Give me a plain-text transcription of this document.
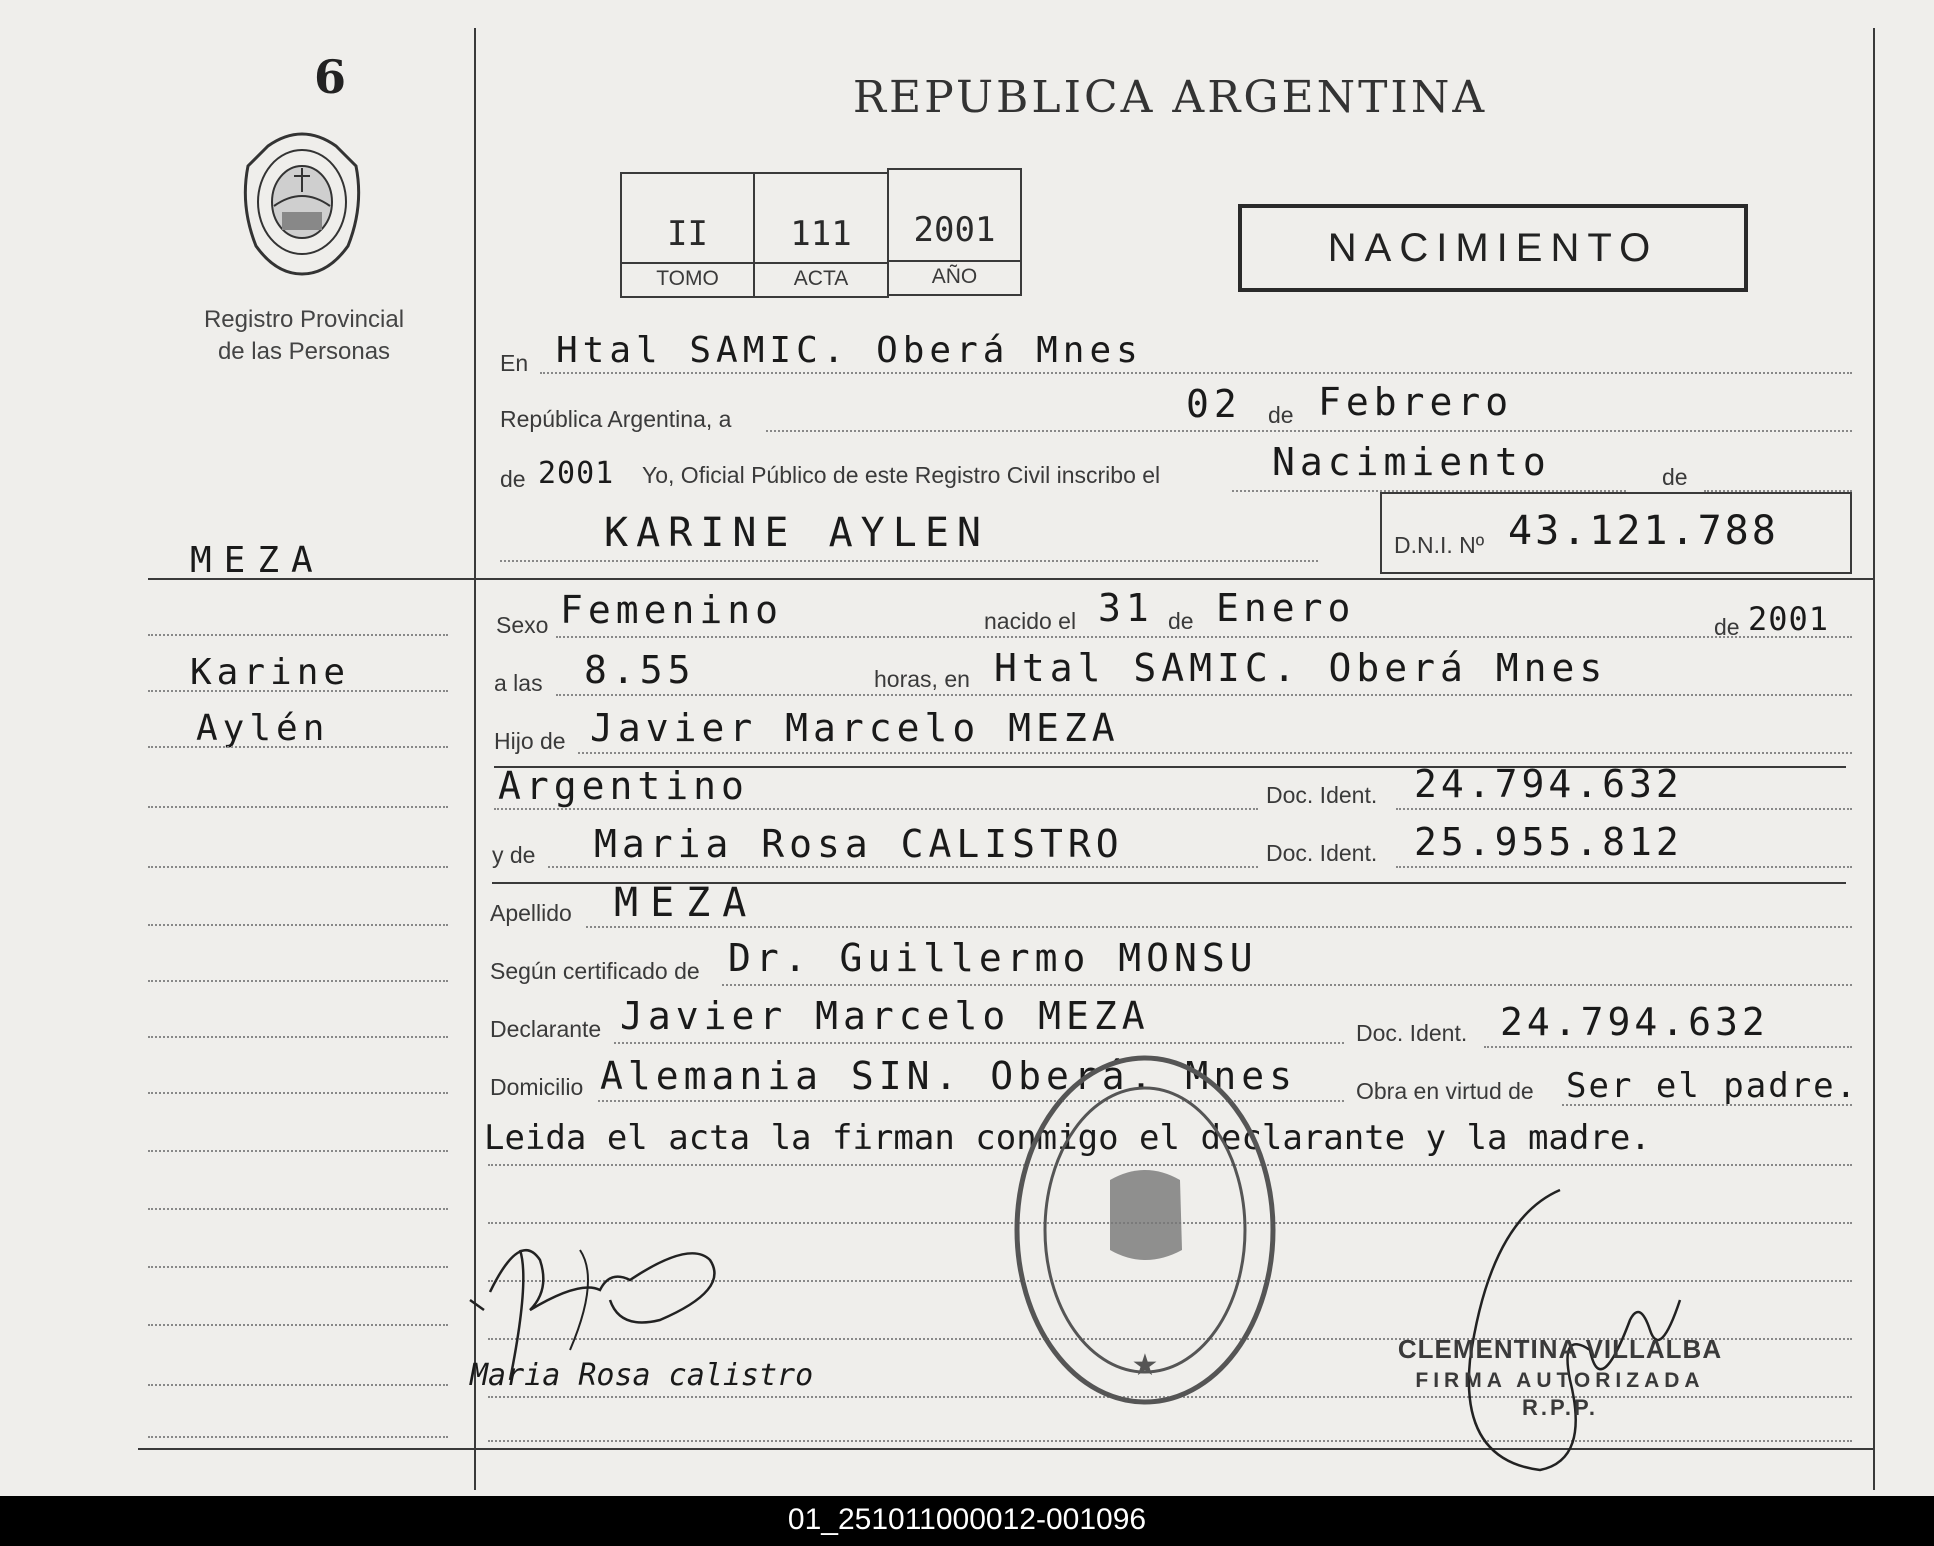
6
Registro Provincial
de las Personas
MEZA
Karine
Aylén
REPUBLICA ARGENTINA
II
TOMO
111
ACTA
2001
AÑO
NACIMIENTO
En Htal SAMIC. Oberá Mnes
República Argentina, a	02 de Febrero
de 2001 Yo, Oficial Público de este Registro Civil inscribo el	Nacimiento	de
KARINE AYLEN	D.N.I. Nº 43.121.788
Sexo Femenino	nacido el 31 de Enero	de 2001
a las 8.55	horas, en Htal SAMIC. Oberá Mnes
Hijo de Javier Marcelo MEZA
Argentino	Doc. Ident. 24.794.632
y de Maria Rosa CALISTRO	Doc. Ident. 25.955.812
Apellido MEZA
Según certificado de Dr. Guillermo MONSU
Declarante Javier Marcelo MEZA	Doc. Ident. 24.794.632
Domicilio Alemania SIN. Oberá. Mnes	Obra en virtud de Ser el padre.
Leida el acta la firman conmigo el declarante y la madre.
★
Maria Rosa calistro
CLEMENTINA VILLALBA
FIRMA AUTORIZADA
R.P.P.
01_251011000012-001096
